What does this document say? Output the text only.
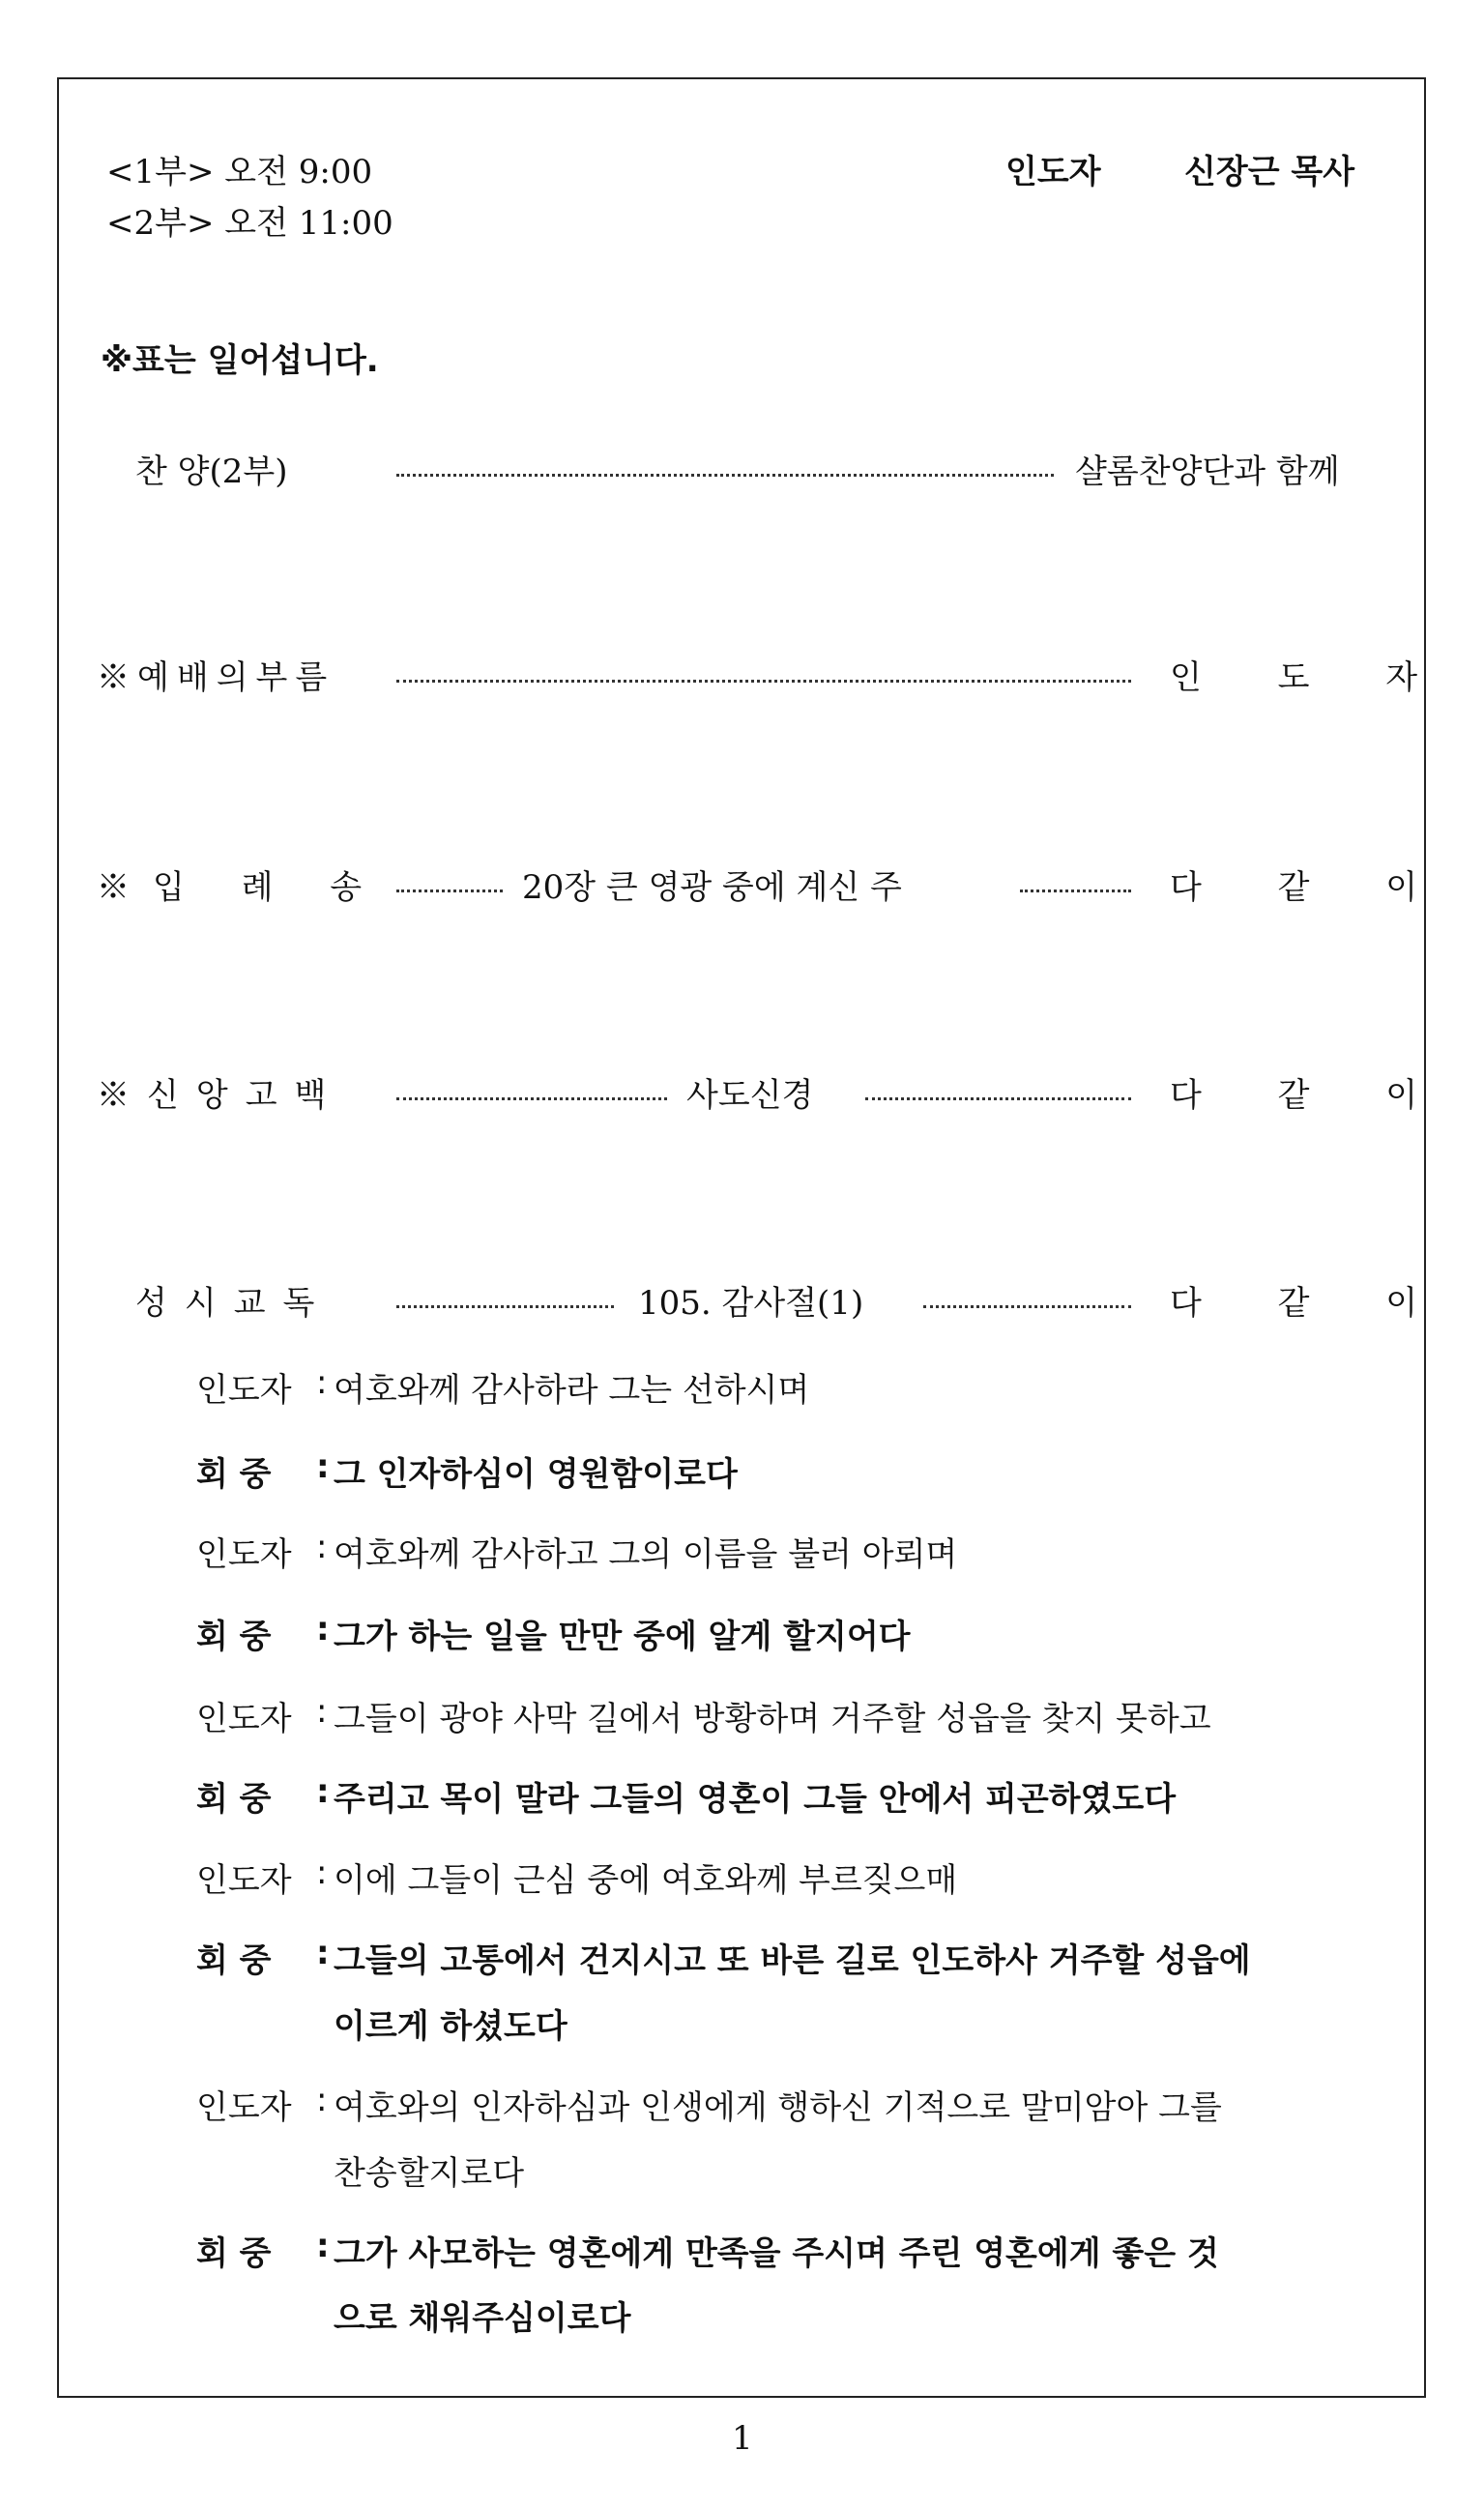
<1부> 오전 9:00
<2부> 오전 11:00
인도자	신장근 목사
※표는 일어섭니다.
찬 양(2부)	샬롬찬양단과 함께
※예배의부름	인 도 자
※입 례 송	20장 큰 영광 중에 계신 주	다 같 이
※신앙고백	사도신경	다 같 이
성시교독	105. 감사절(1)	다 같 이
인도자 : 여호와께 감사하라 그는 선하시며
회 중 : 그 인자하심이 영원함이로다
인도자 : 여호와께 감사하고 그의 이름을 불러 아뢰며
회 중 : 그가 하는 일을 만만 중에 알게 할지어다
인도자 : 그들이 광야 사막 길에서 방황하며 거주할 성읍을 찾지 못하고
회 중 : 주리고 목이 말라 그들의 영혼이 그들 안에서 피곤하였도다
인도자 : 이에 그들이 근심 중에 여호와께 부르짖으매
회 중 : 그들의 고통에서 건지시고 또 바른 길로 인도하사 거주할 성읍에
이르게 하셨도다
인도자 : 여호와의 인자하심과 인생에게 행하신 기적으로 말미암아 그를
찬송할지로다
회 중 : 그가 사모하는 영혼에게 만족을 주시며 주린 영혼에게 좋은 것
으로 채워주심이로다
1
